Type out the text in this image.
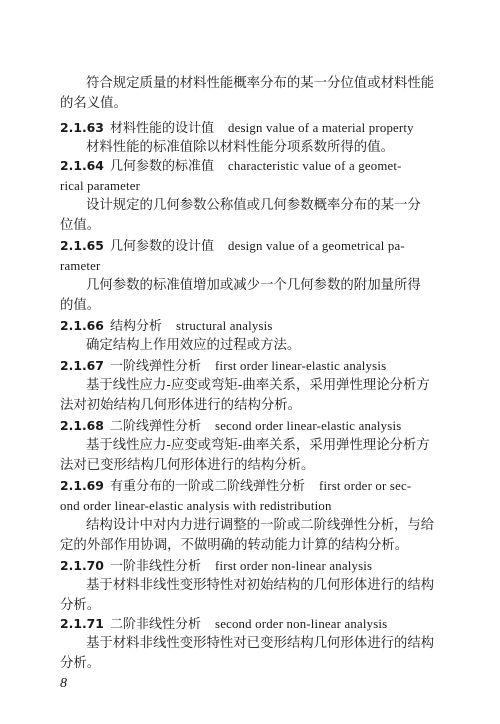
符合规定质量的材料性能概率分布的某一分位值或材料性能
的名义值。
2.1.63 材料性能的设计值 design value of a material property
材料性能的标准值除以材料性能分项系数所得的值。
2.1.64 几何参数的标准值 characteristic value of a geomet-
rical parameter
设计规定的几何参数公称值或几何参数概率分布的某一分
位值。
2.1.65 几何参数的设计值 design value of a geometrical pa-
rameter
几何参数的标准值增加或减少一个几何参数的附加量所得
的值。
2.1.66 结构分析 structural analysis
确定结构上作用效应的过程或方法。
2.1.67 一阶线弹性分析 first order linear-elastic analysis
基于线性应力-应变或弯矩-曲率关系，采用弹性理论分析方
法对初始结构几何形体进行的结构分析。
2.1.68 二阶线弹性分析 second order linear-elastic analysis
基于线性应力-应变或弯矩-曲率关系，采用弹性理论分析方
法对已变形结构几何形体进行的结构分析。
2.1.69 有重分布的一阶或二阶线弹性分析 first order or sec-
ond order linear-elastic analysis with redistribution
结构设计中对内力进行调整的一阶或二阶线弹性分析，与给
定的外部作用协调，不做明确的转动能力计算的结构分析。
2.1.70 一阶非线性分析 first order non-linear analysis
基于材料非线性变形特性对初始结构的几何形体进行的结构
分析。
2.1.71 二阶非线性分析 second order non-linear analysis
基于材料非线性变形特性对已变形结构几何形体进行的结构
分析。
8
